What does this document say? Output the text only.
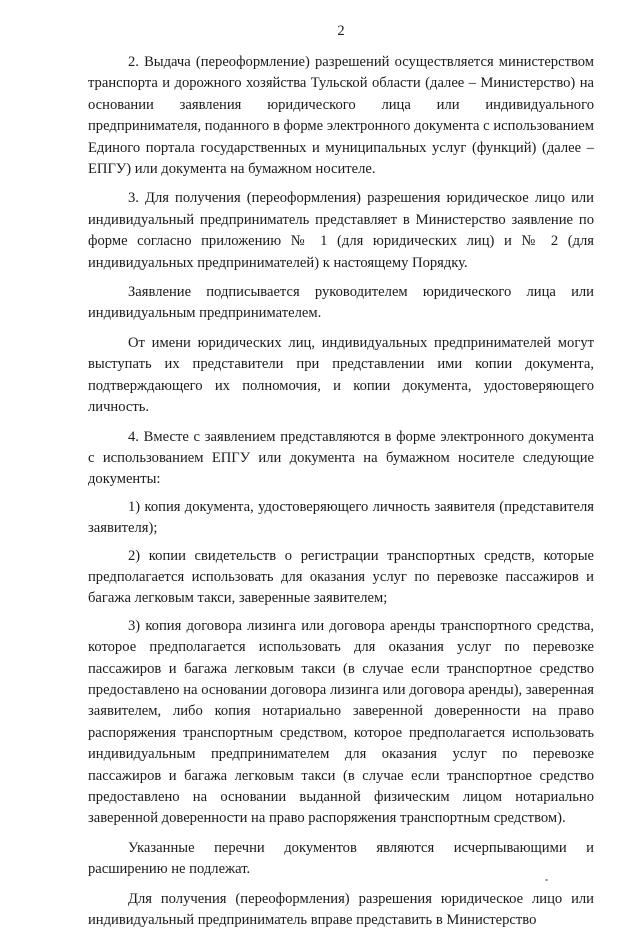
2

2. Выдача (переоформление) разрешений осуществляется министерством транспорта и дорожного хозяйства Тульской области (далее – Министерство) на основании заявления юридического лица или индивидуального предпринимателя, поданного в форме электронного документа с использованием Единого портала государственных и муниципальных услуг (функций) (далее – ЕПГУ) или документа на бумажном носителе.

3. Для получения (переоформления) разрешения юридическое лицо или индивидуальный предприниматель представляет в Министерство заявление по форме согласно приложению № 1 (для юридических лиц) и № 2 (для индивидуальных предпринимателей) к настоящему Порядку.

Заявление подписывается руководителем юридического лица или индивидуальным предпринимателем.

От имени юридических лиц, индивидуальных предпринимателей могут выступать их представители при представлении ими копии документа, подтверждающего их полномочия, и копии документа, удостоверяющего личность.

4. Вместе с заявлением представляются в форме электронного документа с использованием ЕПГУ или документа на бумажном носителе следующие документы:

1) копия документа, удостоверяющего личность заявителя (представителя заявителя);

2) копии свидетельств о регистрации транспортных средств, которые предполагается использовать для оказания услуг по перевозке пассажиров и багажа легковым такси, заверенные заявителем;

3) копия договора лизинга или договора аренды транспортного средства, которое предполагается использовать для оказания услуг по перевозке пассажиров и багажа легковым такси (в случае если транспортное средство предоставлено на основании договора лизинга или договора аренды), заверенная заявителем, либо копия нотариально заверенной доверенности на право распоряжения транспортным средством, которое предполагается использовать индивидуальным предпринимателем для оказания услуг по перевозке пассажиров и багажа легковым такси (в случае если транспортное средство предоставлено на основании выданной физическим лицом нотариально заверенной доверенности на право распоряжения транспортным средством).

Указанные перечни документов являются исчерпывающими и расширению не подлежат.

Для получения (переоформления) разрешения юридическое лицо или индивидуальный предприниматель вправе представить в Министерство
